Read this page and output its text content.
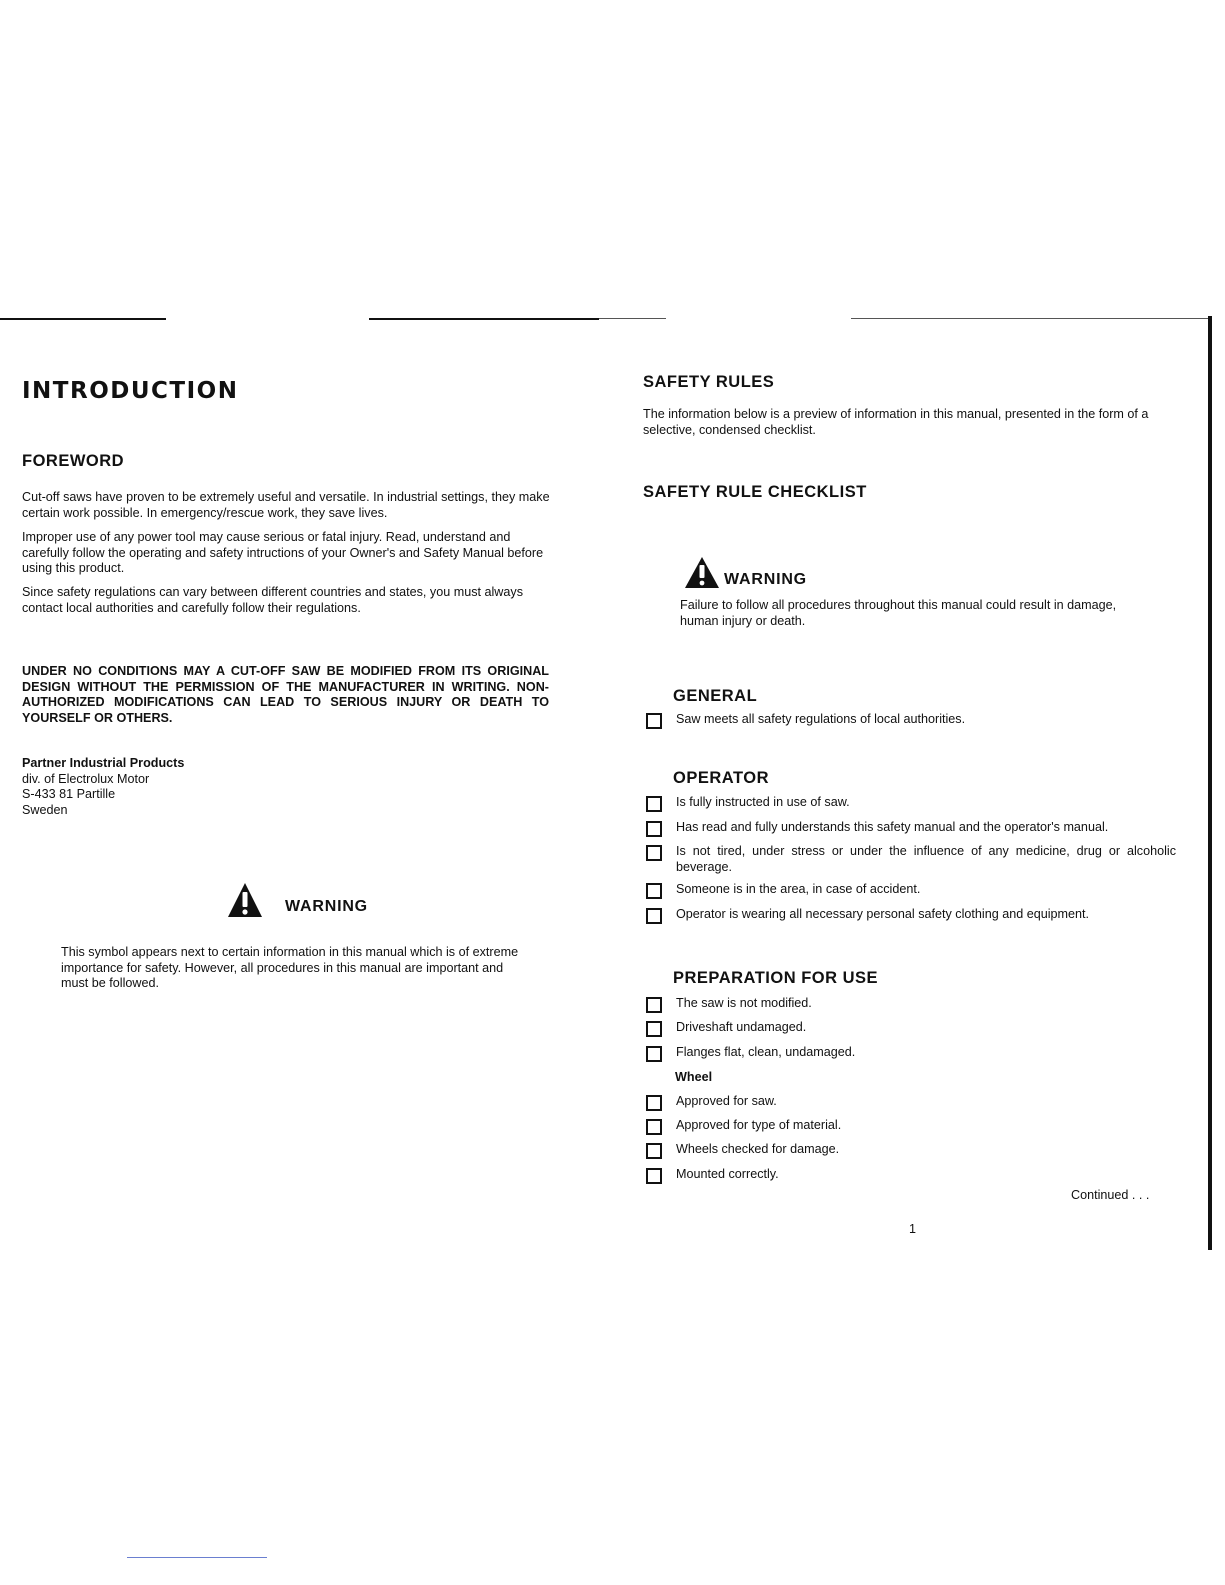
INTRODUCTION
FOREWORD
Cut-off saws have proven to be extremely useful and versatile. In industrial settings, they make certain work possible. In emergency/rescue work, they save lives.
Improper use of any power tool may cause serious or fatal injury. Read, understand and carefully follow the operating and safety intructions of your Owner's and Safety Manual before using this product.
Since safety regulations can vary between different countries and states, you must always contact local authorities and carefully follow their regulations.
UNDER NO CONDITIONS MAY A CUT-OFF SAW BE MODIFIED FROM ITS ORIGINAL DESIGN WITHOUT THE PERMISSION OF THE MANUFACTURER IN WRITING. NON-AUTHORIZED MODIFICATIONS CAN LEAD TO SERIOUS INJURY OR DEATH TO YOURSELF OR OTHERS.
Partner Industrial Products
div. of Electrolux Motor
S-433 81 Partille
Sweden
WARNING
This symbol appears next to certain information in this manual which is of extreme importance for safety. However, all procedures in this manual are important and must be followed.
SAFETY RULES
The information below is a preview of information in this manual, presented in the form of a selective, condensed checklist.
SAFETY RULE CHECKLIST
WARNING
Failure to follow all procedures throughout this manual could result in damage, human injury or death.
GENERAL
Saw meets all safety regulations of local authorities.
OPERATOR
Is fully instructed in use of saw.
Has read and fully understands this safety manual and the operator's manual.
Is not tired, under stress or under the influence of any medicine, drug or alcoholic beverage.
Someone is in the area, in case of accident.
Operator is wearing all necessary personal safety clothing and equipment.
PREPARATION FOR USE
The saw is not modified.
Driveshaft undamaged.
Flanges flat, clean, undamaged.
Wheel
Approved for saw.
Approved for type of material.
Wheels checked for damage.
Mounted correctly.
Continued . . .
1
